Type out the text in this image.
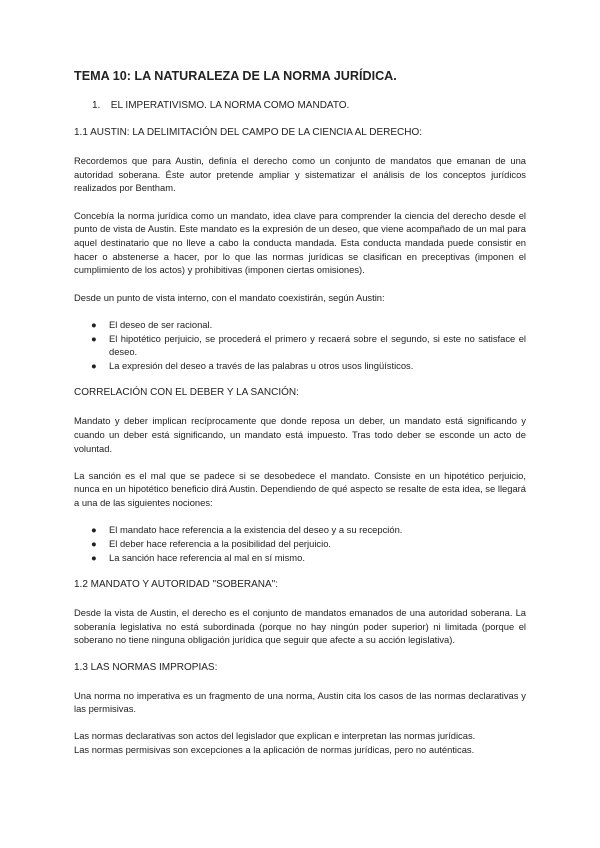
TEMA 10: LA NATURALEZA DE LA NORMA JURÍDICA.
1. EL IMPERATIVISMO. LA NORMA COMO MANDATO.
1.1 AUSTIN: LA DELIMITACIÓN DEL CAMPO DE LA CIENCIA AL DERECHO:

Recordemos que para Austin, definía el derecho como un conjunto de mandatos que emanan de una autoridad soberana. Éste autor pretende ampliar y sistematizar el análisis de los conceptos jurídicos realizados por Bentham.

Concebía la norma jurídica como un mandato, idea clave para comprender la ciencia del derecho desde el punto de vista de Austin. Este mandato es la expresión de un deseo, que viene acompañado de un mal para aquel destinatario que no lleve a cabo la conducta mandada. Esta conducta mandada puede consistir en hacer o abstenerse a hacer, por lo que las normas jurídicas se clasifican en preceptivas (imponen el cumplimiento de los actos) y prohibitivas (imponen ciertas omisiones).

Desde un punto de vista interno, con el mandato coexistirán, según Austin:

● El deseo de ser racional.
● El hipotético perjuicio, se procederá el primero y recaerá sobre el segundo, si este no satisface el deseo.
● La expresión del deseo a través de las palabras u otros usos lingüísticos.
CORRELACIÓN CON EL DEBER Y LA SANCIÓN:

Mandato y deber implican recíprocamente que donde reposa un deber, un mandato está significando y cuando un deber está significando, un mandato está impuesto. Tras todo deber se esconde un acto de voluntad.

La sanción es el mal que se padece si se desobedece el mandato. Consiste en un hipotético perjuicio, nunca en un hipotético beneficio dirá Austin. Dependiendo de qué aspecto se resalte de esta idea, se llegará a una de las siguientes nociones:

● El mandato hace referencia a la existencia del deseo y a su recepción.
● El deber hace referencia a la posibilidad del perjuicio.
● La sanción hace referencia al mal en sí mismo.
1.2 MANDATO Y AUTORIDAD "SOBERANA":

Desde la vista de Austin, el derecho es el conjunto de mandatos emanados de una autoridad soberana. La soberanía legislativa no está subordinada (porque no hay ningún poder superior) ni limitada (porque el soberano no tiene ninguna obligación jurídica que seguir que afecte a su acción legislativa).

1.3 LAS NORMAS IMPROPIAS:

Una norma no imperativa es un fragmento de una norma, Austin cita los casos de las normas declarativas y las permisivas.

Las normas declarativas son actos del legislador que explican e interpretan las normas jurídicas.

Las normas permisivas son excepciones a la aplicación de normas jurídicas, pero no auténticas.
